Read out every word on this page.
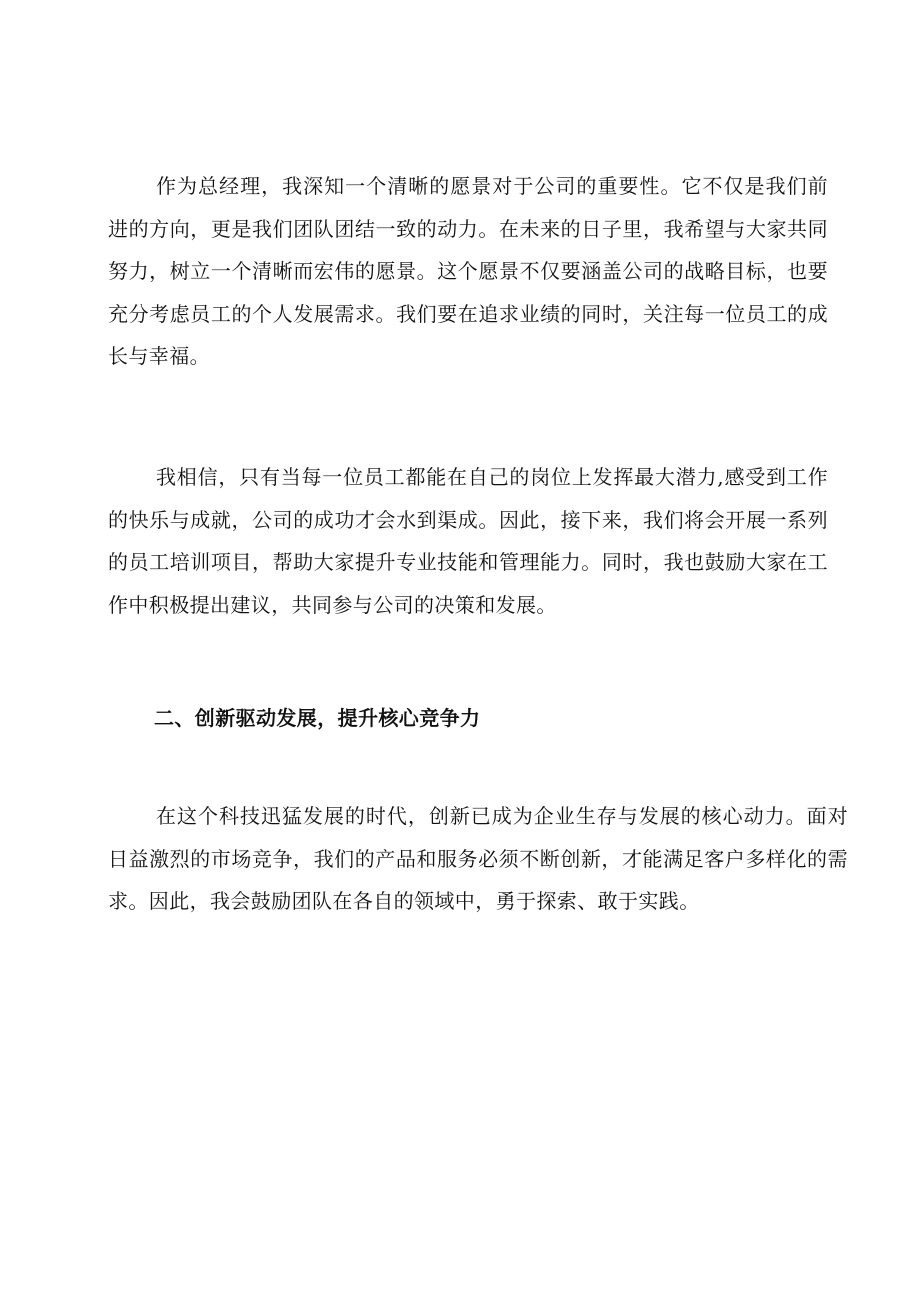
作为总经理，我深知一个清晰的愿景对于公司的重要性。它不仅是我们前进的方向，更是我们团队团结一致的动力。在未来的日子里，我希望与大家共同努力，树立一个清晰而宏伟的愿景。这个愿景不仅要涵盖公司的战略目标，也要充分考虑员工的个人发展需求。我们要在追求业绩的同时，关注每一位员工的成长与幸福。

我相信，只有当每一位员工都能在自己的岗位上发挥最大潜力,感受到工作的快乐与成就，公司的成功才会水到渠成。因此，接下来，我们将会开展一系列的员工培训项目，帮助大家提升专业技能和管理能力。同时，我也鼓励大家在工作中积极提出建议，共同参与公司的决策和发展。

二、创新驱动发展，提升核心竞争力

在这个科技迅猛发展的时代，创新已成为企业生存与发展的核心动力。面对日益激烈的市场竞争，我们的产品和服务必须不断创新，才能满足客户多样化的需求。因此，我会鼓励团队在各自的领域中，勇于探索、敢于实践。
